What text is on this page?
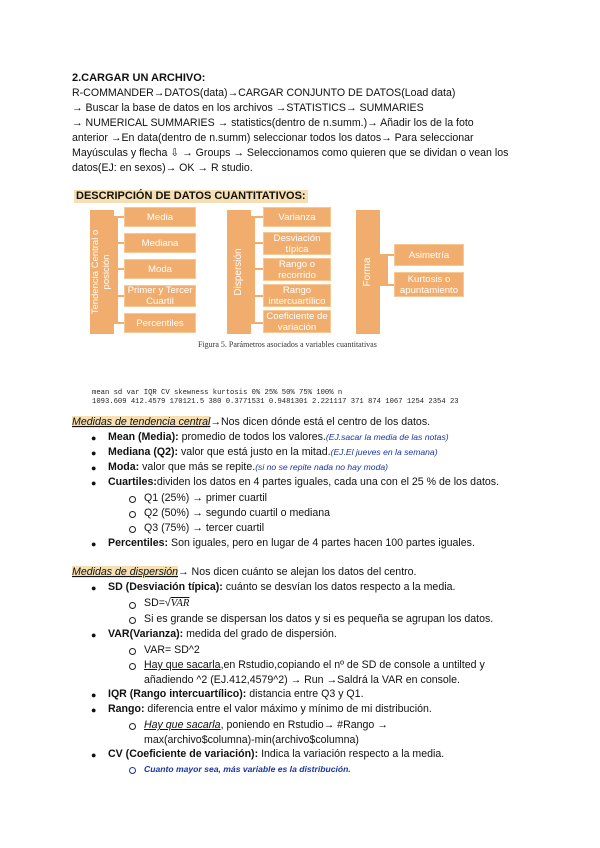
2.CARGAR UN ARCHIVO:
R-COMMANDER→DATOS(data)→CARGAR CONJUNTO DE DATOS(Load data)
→ Buscar la base de datos en los archivos →STATISTICS→ SUMMARIES
→ NUMERICAL SUMMARIES → statistics(dentro de n.summ.)→ Añadir los de la foto
anterior →En data(dentro de n.summ) seleccionar todos los datos→ Para seleccionar
Mayúsculas y flecha ⇩ → Groups → Seleccionamos como quieren que se dividan o vean los
datos(EJ: en sexos)→ OK → R studio.
DESCRIPCIÓN DE DATOS CUANTITATIVOS:
Tendencia Central o posición
Media
Mediana
Moda
Primer y Tercer Cuartil
Percentiles
Dispersión
Varianza
Desviación típica
Rango o recorrido
Rango intercuartílico
Coeficiente de variación
Forma
Asimetría
Kurtosis o apuntamiento
Figura 5. Parámetros asociados a variables cuantitativas
mean sd var IQR CV skewness kurtosis 0% 25% 50% 75% 100% n
1093.609 412.4579 170121.5 380 0.3771531 0.9481301 2.221117 371 874 1067 1254 2354 23
Medidas de tendencia central→Nos dicen dónde está el centro de los datos.
● Mean (Media): promedio de todos los valores.(EJ.sacar la media de las notas)
● Mediana (Q2): valor que está justo en la mitad.(EJ.El jueves en la semana)
● Moda: valor que más se repite.(si no se repite nada no hay moda)
● Cuartiles:dividen los datos en 4 partes iguales, cada una con el 25 % de los datos.
Q1 (25%) → primer cuartil
Q2 (50%) → segundo cuartil o mediana
Q3 (75%) → tercer cuartil
● Percentiles: Son iguales, pero en lugar de 4 partes hacen 100 partes iguales.
Medidas de dispersión→ Nos dicen cuánto se alejan los datos del centro.
● SD (Desviación típica): cuánto se desvían los datos respecto a la media.
SD=√VAR
Si es grande se dispersan los datos y si es pequeña se agrupan los datos.
● VAR(Varianza): medida del grado de dispersión.
VAR= SD^2
Hay que sacarla,en Rstudio,copiando el nº de SD de console a untilted y
añadiendo ^2 (EJ.412,4579^2) → Run →Saldrá la VAR en console.
● IQR (Rango intercuartílico): distancia entre Q3 y Q1.
● Rango: diferencia entre el valor máximo y mínimo de mi distribución.
Hay que sacarla, poniendo en Rstudio→ #Rango →
max(archivo$columna)-min(archivo$columna)
● CV (Coeficiente de variación): Indica la variación respecto a la media.
Cuanto mayor sea, más variable es la distribución.
